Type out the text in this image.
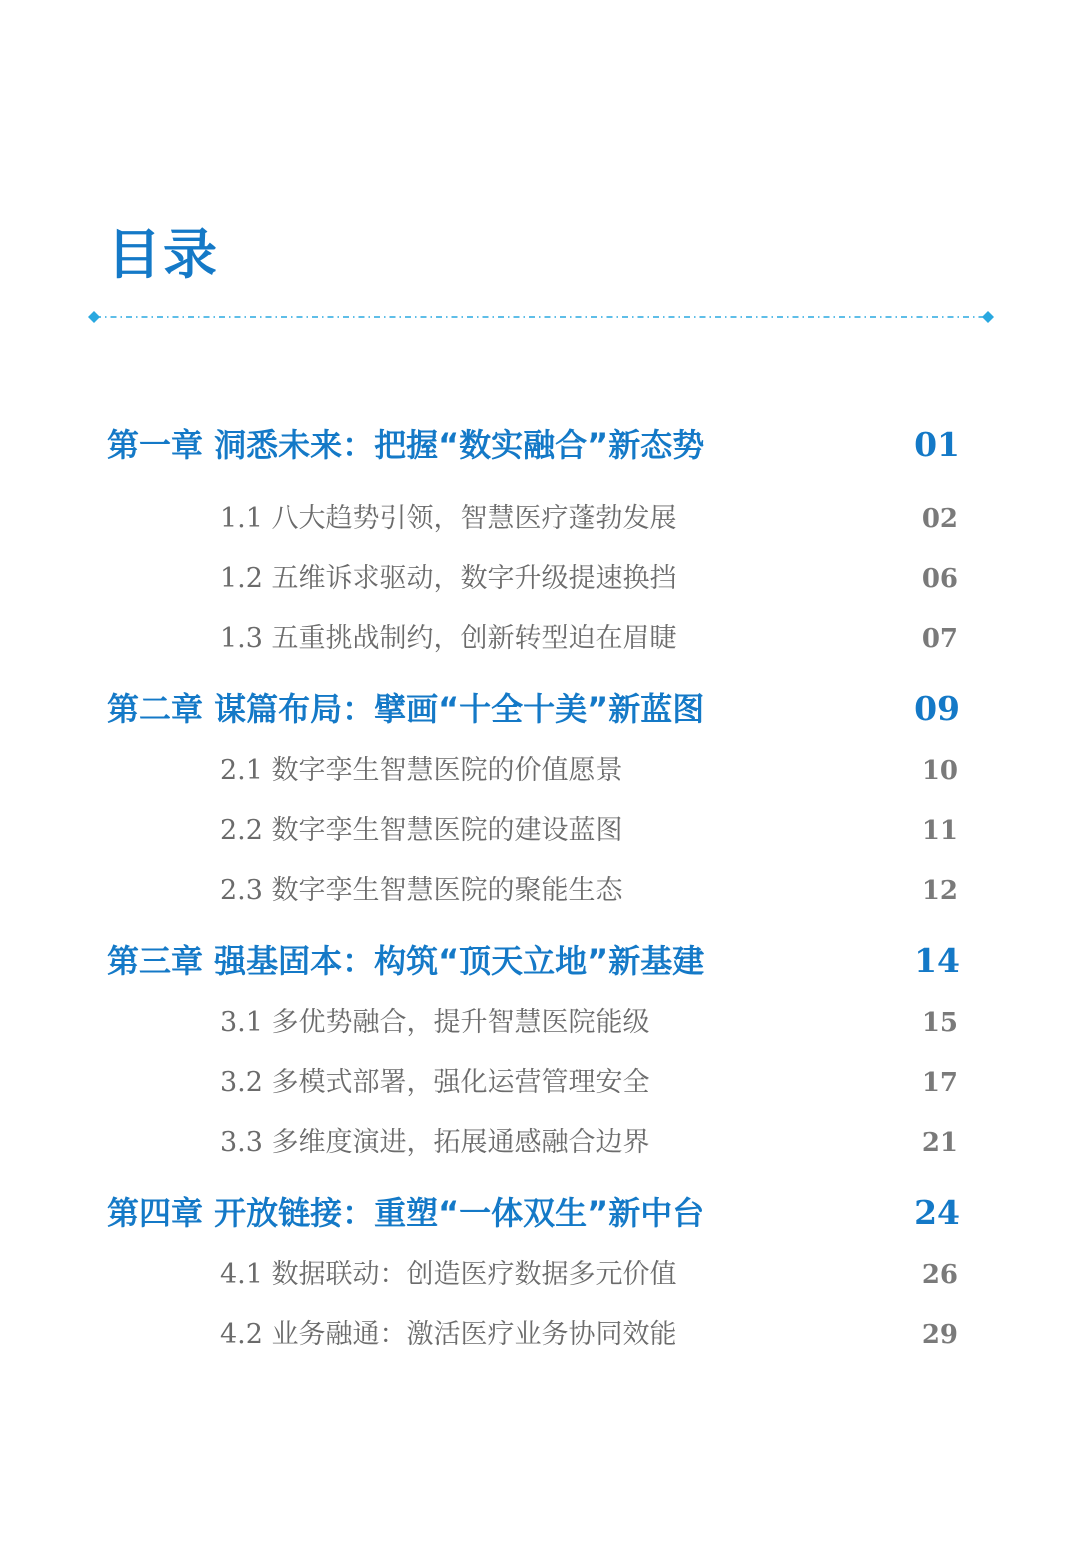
目录
第一章 洞悉未来：把握“数实融合”新态势	01
1.1 八大趋势引领，智慧医疗蓬勃发展	02
1.2 五维诉求驱动，数字升级提速换挡	06
1.3 五重挑战制约，创新转型迫在眉睫	07
第二章 谋篇布局：擘画“十全十美”新蓝图	09
2.1 数字孪生智慧医院的价值愿景	10
2.2 数字孪生智慧医院的建设蓝图	11
2.3 数字孪生智慧医院的聚能生态	12
第三章 强基固本：构筑“顶天立地”新基建	14
3.1 多优势融合，提升智慧医院能级	15
3.2 多模式部署，强化运营管理安全	17
3.3 多维度演进，拓展通感融合边界	21
第四章 开放链接：重塑“一体双生”新中台	24
4.1 数据联动：创造医疗数据多元价值	26
4.2 业务融通：激活医疗业务协同效能	29
